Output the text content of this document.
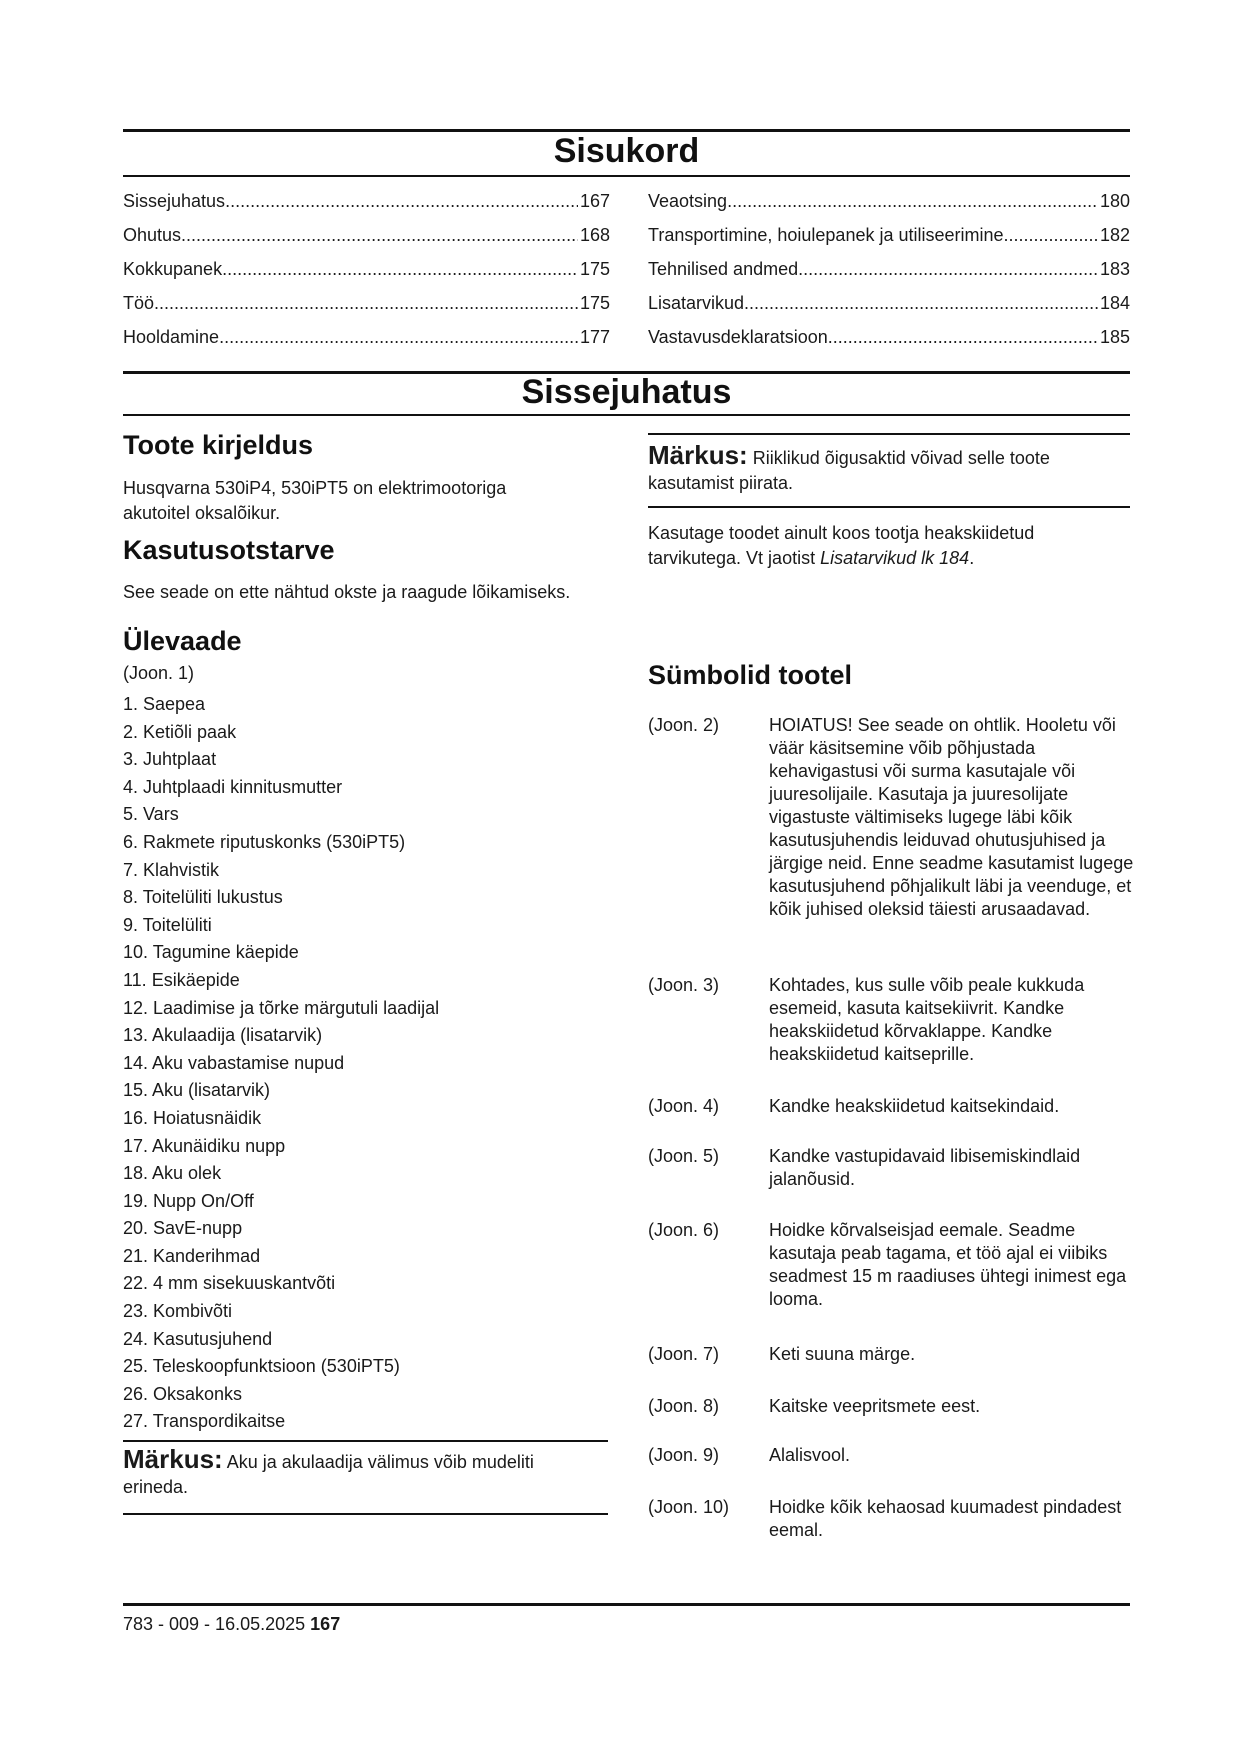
Sisukord
Sissejuhatus .....	167
Ohutus .....	168
Kokkupanek .....	175
Töö .....	175
Hooldamine .....	177
Veaotsing .....	180
Transportimine, hoiulepanek ja utiliseerimine .....	182
Tehnilised andmed .....	183
Lisatarvikud .....	184
Vastavusdeklaratsioon .....	185
Sissejuhatus
Toote kirjeldus
Husqvarna 530iP4, 530iPT5 on elektrimootoriga akutoitel oksalõikur.
Kasutusotstarve
See seade on ette nähtud okste ja raagude lõikamiseks.
Ülevaade
(Joon. 1)
1. Saepea
2. Ketiõli paak
3. Juhtplaat
4. Juhtplaadi kinnitusmutter
5. Vars
6. Rakmete riputuskonks (530iPT5)
7. Klahvistik
8. Toitelüliti lukustus
9. Toitelüliti
10. Tagumine käepide
11. Esikäepide
12. Laadimise ja tõrke märgutuli laadijal
13. Akulaadija (lisatarvik)
14. Aku vabastamise nupud
15. Aku (lisatarvik)
16. Hoiatusnäidik
17. Akunäidiku nupp
18. Aku olek
19. Nupp On/Off
20. SavE-nupp
21. Kanderihmad
22. 4 mm sisekuuskantvõti
23. Kombivõti
24. Kasutusjuhend
25. Teleskoopfunktsioon (530iPT5)
26. Oksakonks
27. Transpordikaitse
Märkus: Aku ja akulaadija välimus võib mudeliti erineda.
Märkus: Riiklikud õigusaktid võivad selle toote kasutamist piirata.
Kasutage toodet ainult koos tootja heakskiidetud tarvikutega. Vt jaotist Lisatarvikud lk 184.
Sümbolid tootel
(Joon. 2)	HOIATUS! See seade on ohtlik. Hooletu või väär käsitsemine võib põhjustada kehavigastusi või surma kasutajale või juuresolijaile. Kasutaja ja juuresolijate vigastuste vältimiseks lugege läbi kõik kasutusjuhendis leiduvad ohutusjuhised ja järgige neid. Enne seadme kasutamist lugege kasutusjuhend põhjalikult läbi ja veenduge, et kõik juhised oleksid täiesti arusaadavad.
(Joon. 3)	Kohtades, kus sulle võib peale kukkuda esemeid, kasuta kaitsekiivrit. Kandke heakskiidetud kõrvaklappe. Kandke heakskiidetud kaitseprille.
(Joon. 4)	Kandke heakskiidetud kaitsekindaid.
(Joon. 5)	Kandke vastupidavaid libisemiskindlaid jalanõusid.
(Joon. 6)	Hoidke kõrvalseisjad eemale. Seadme kasutaja peab tagama, et töö ajal ei viibiks seadmest 15 m raadiuses ühtegi inimest ega looma.
(Joon. 7)	Keti suuna märge.
(Joon. 8)	Kaitske veepritsmete eest.
(Joon. 9)	Alalisvool.
(Joon. 10)	Hoidke kõik kehaosad kuumadest pindadest eemal.
783 - 009 - 16.05.2025 167
